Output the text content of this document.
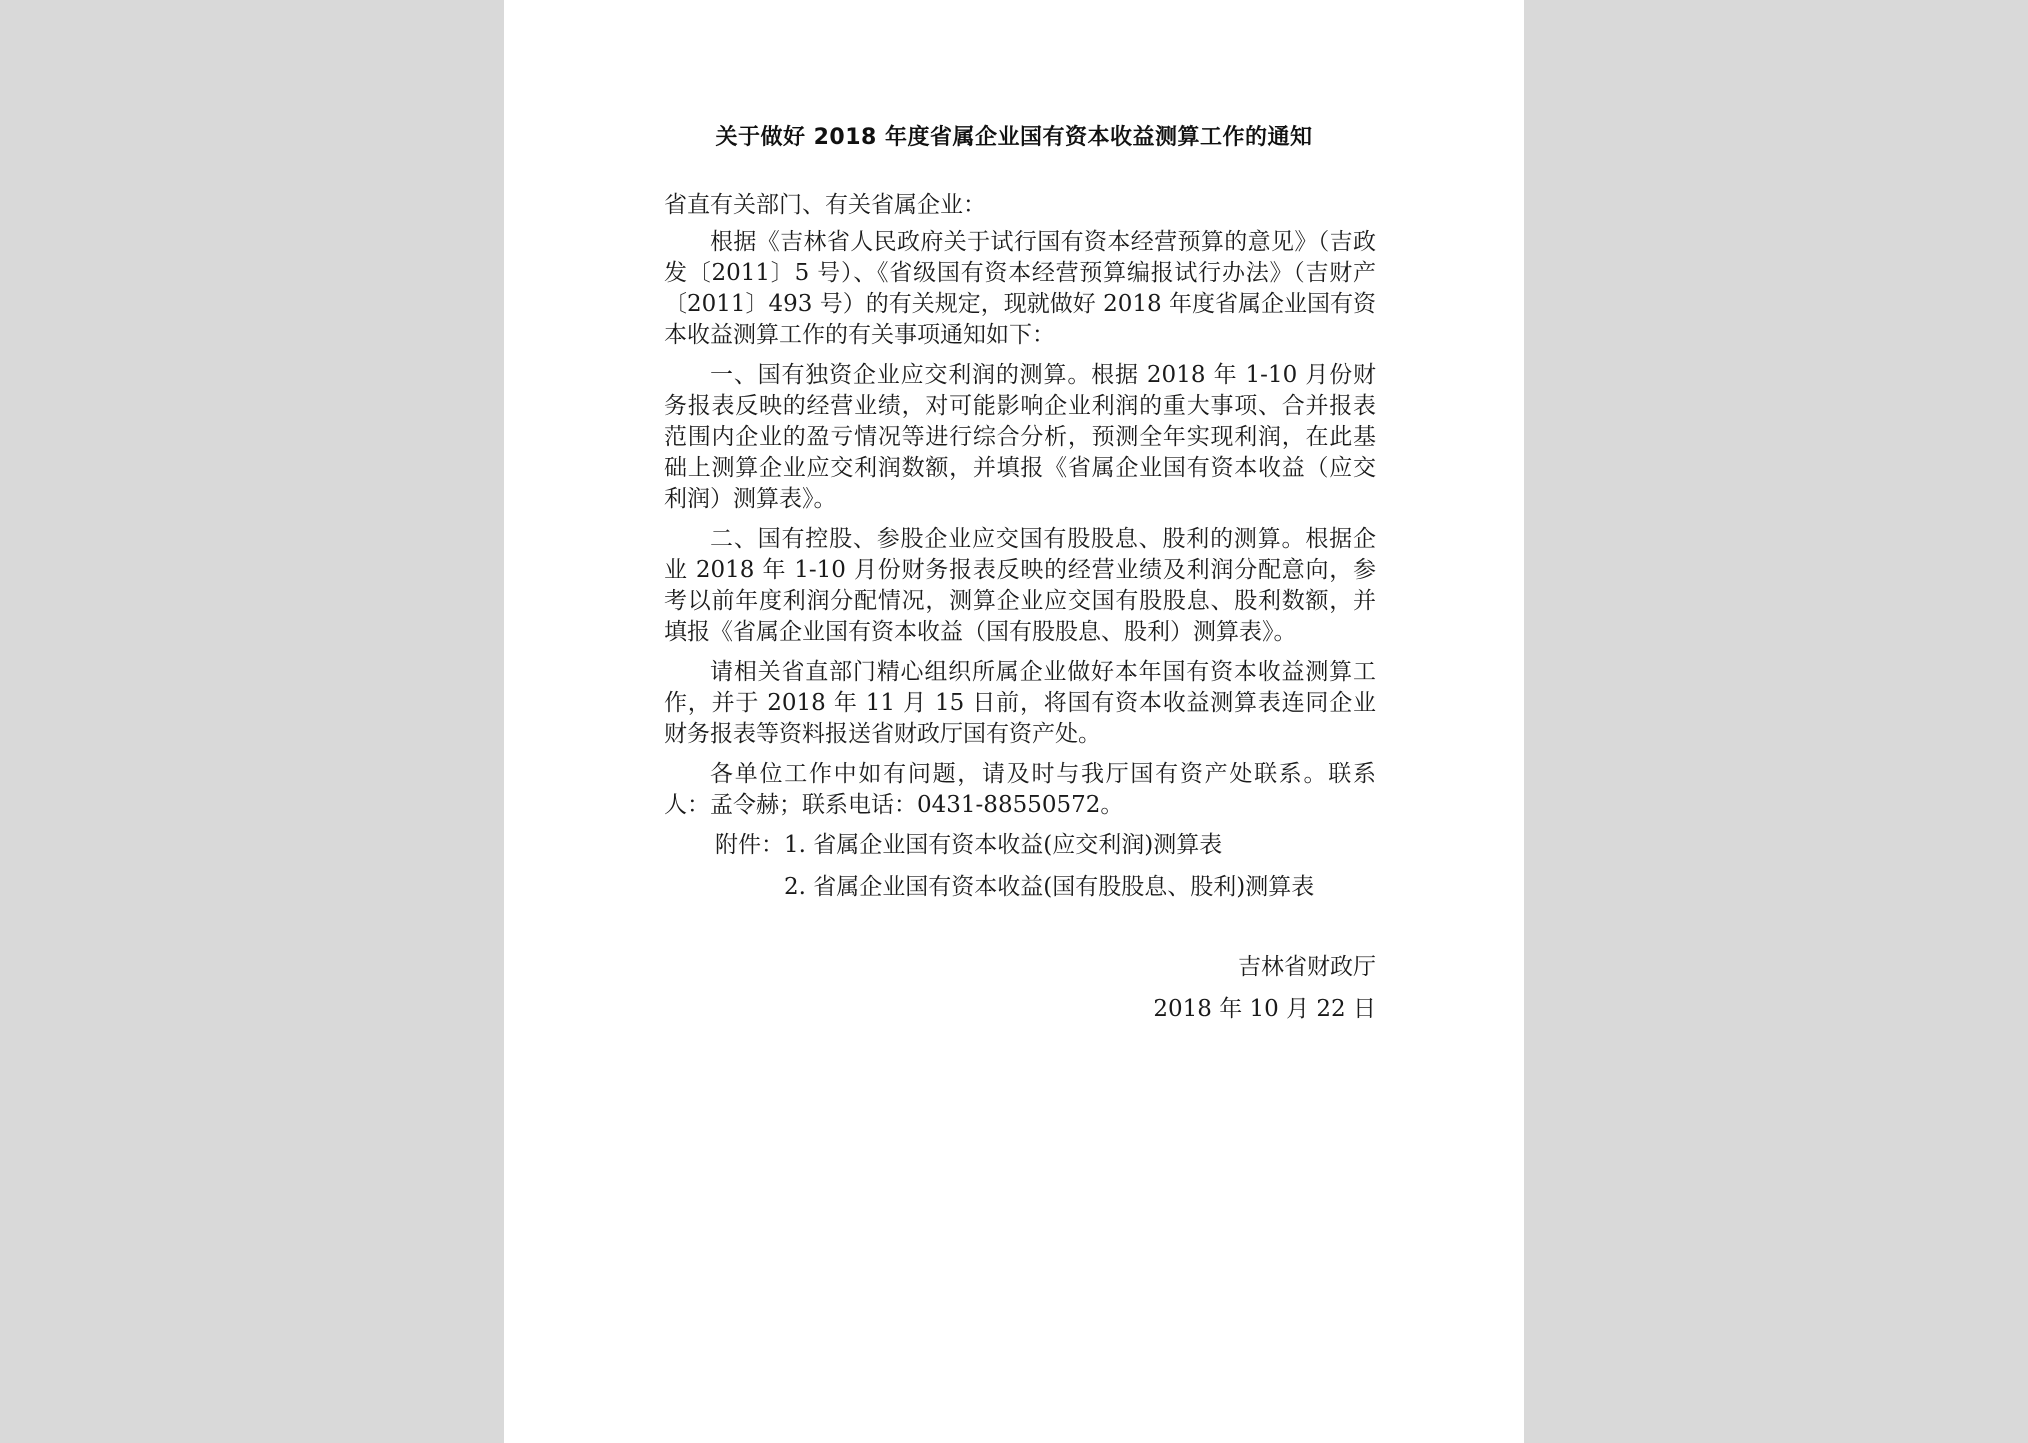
关于做好 2018 年度省属企业国有资本收益测算工作的通知

省直有关部门、有关省属企业：

根据《吉林省人民政府关于试行国有资本经营预算的意见》（吉政发〔2011〕5 号）、《省级国有资本经营预算编报试行办法》（吉财产〔2011〕493 号）的有关规定，现就做好 2018 年度省属企业国有资本收益测算工作的有关事项通知如下：

一、国有独资企业应交利润的测算。根据 2018 年 1-10 月份财务报表反映的经营业绩，对可能影响企业利润的重大事项、合并报表范围内企业的盈亏情况等进行综合分析，预测全年实现利润，在此基础上测算企业应交利润数额，并填报《省属企业国有资本收益（应交利润）测算表》。

二、国有控股、参股企业应交国有股股息、股利的测算。根据企业 2018 年 1-10 月份财务报表反映的经营业绩及利润分配意向，参考以前年度利润分配情况，测算企业应交国有股股息、股利数额，并填报《省属企业国有资本收益（国有股股息、股利）测算表》。

请相关省直部门精心组织所属企业做好本年国有资本收益测算工作，并于 2018 年 11 月 15 日前，将国有资本收益测算表连同企业财务报表等资料报送省财政厅国有资产处。

各单位工作中如有问题，请及时与我厅国有资产处联系。联系人：孟令赫；联系电话：0431-88550572。

附件： 1. 省属企业国有资本收益(应交利润)测算表
2. 省属企业国有资本收益(国有股股息、股利)测算表
吉林省财政厅
2018 年 10 月 22 日
